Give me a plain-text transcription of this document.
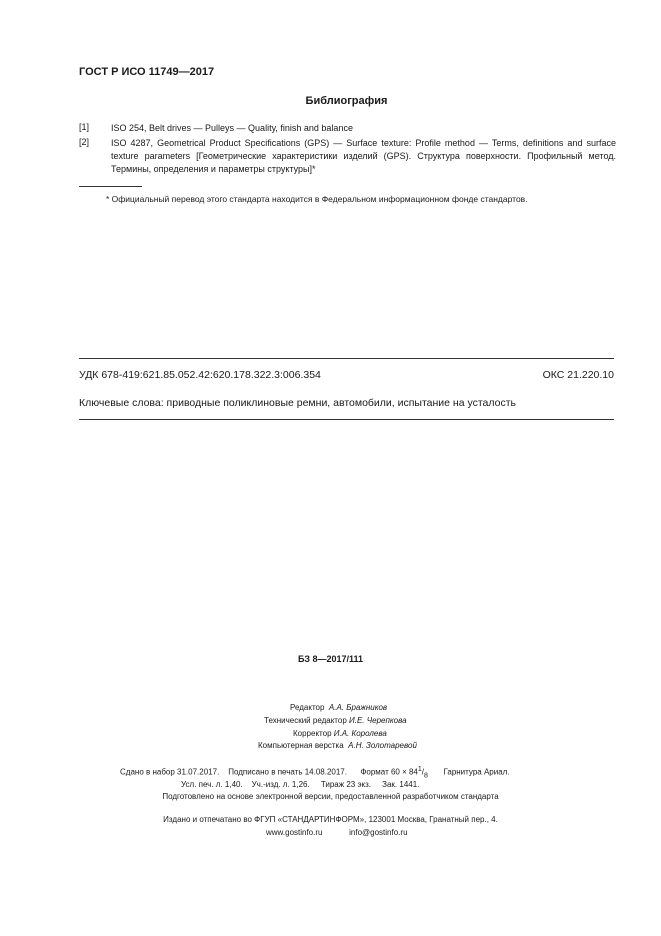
ГОСТ Р ИСО 11749—2017
Библиография
[1] ISO 254, Belt drives — Pulleys — Quality, finish and balance
[2] ISO 4287, Geometrical Product Specifications (GPS) — Surface texture: Profile method — Terms, definitions and surface texture parameters [Геометрические характеристики изделий (GPS). Структура поверхности. Профильный метод. Термины, определения и параметры структуры]*
* Официальный перевод этого стандарта находится в Федеральном информационном фонде стандартов.
УДК 678-419:621.85.052.42:620.178.322.3:006.354	ОКС 21.220.10
Ключевые слова: приводные поликлиновые ремни, автомобили, испытание на усталость
БЗ 8—2017/111
Редактор А.А. Бражников
Технический редактор И.Е. Черепкова
Корректор И.А. Королева
Компьютерная верстка А.Н. Золотаревой
Сдано в набор 31.07.2017. Подписано в печать 14.08.2017. Формат 60 × 841/8 Гарнитура Ариал.
Усл. печ. л. 1,40. Уч.-изд. л. 1,26. Тираж 23 экз. Зак. 1441.
Подготовлено на основе электронной версии, предоставленной разработчиком стандарта
Издано и отпечатано во ФГУП «СТАНДАРТИНФОРМ», 123001 Москва, Гранатный пер., 4.
www.gostinfo.ru	info@gostinfo.ru
